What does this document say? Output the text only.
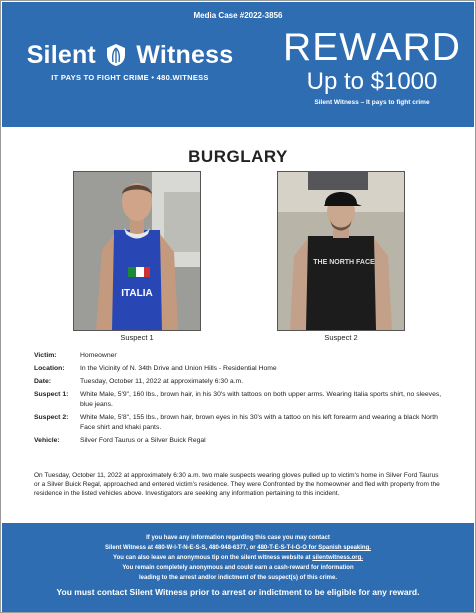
Media Case #2022-3856
Silent Witness
IT PAYS TO FIGHT CRIME • 480.WITNESS
REWARD
Up to $1000
Silent Witness – It pays to fight crime
BURGLARY
ITALIA
Suspect 1
THE NORTH FACE
Suspect 2
Victim:	Homeowner
Location:	In the Vicinity of N. 34th Drive and Union Hills - Residential Home
Date:	Tuesday, October 11, 2022 at approximately 6:30 a.m.
Suspect 1:	White Male, 5'9", 160 lbs., brown hair, in his 30's with tattoos on both upper arms. Wearing Italia sports shirt, no sleeves, blue jeans.
Suspect 2:	White Male, 5'8", 155 lbs., brown hair, brown eyes in his 30's with a tattoo on his left forearm and wearing a black North Face shirt and khaki pants.
Vehicle:	Silver Ford Taurus or a Silver Buick Regal
On Tuesday, October 11, 2022 at approximately 6:30 a.m. two male suspects wearing gloves pulled up to victim's home in Silver Ford Taurus or a Silver Buick Regal, approached and entered victim's residence. They were Confronted by the homeowner and fled with property from the residence in the listed vehicles above. Investigators are seeking any information pertaining to this incident.
If you have any information regarding this case you may contact
Silent Witness at 480-W-I-T-N-E-S-S, 480-948-6377, or 480-T-E-S-T-I-G-O for Spanish speaking.
You can also leave an anonymous tip on the silent witness website at silentwitness.org.
You remain completely anonymous and could earn a cash-reward for information
leading to the arrest and/or indictment of the suspect(s) of this crime.
You must contact Silent Witness prior to arrest or indictment to be eligible for any reward.
